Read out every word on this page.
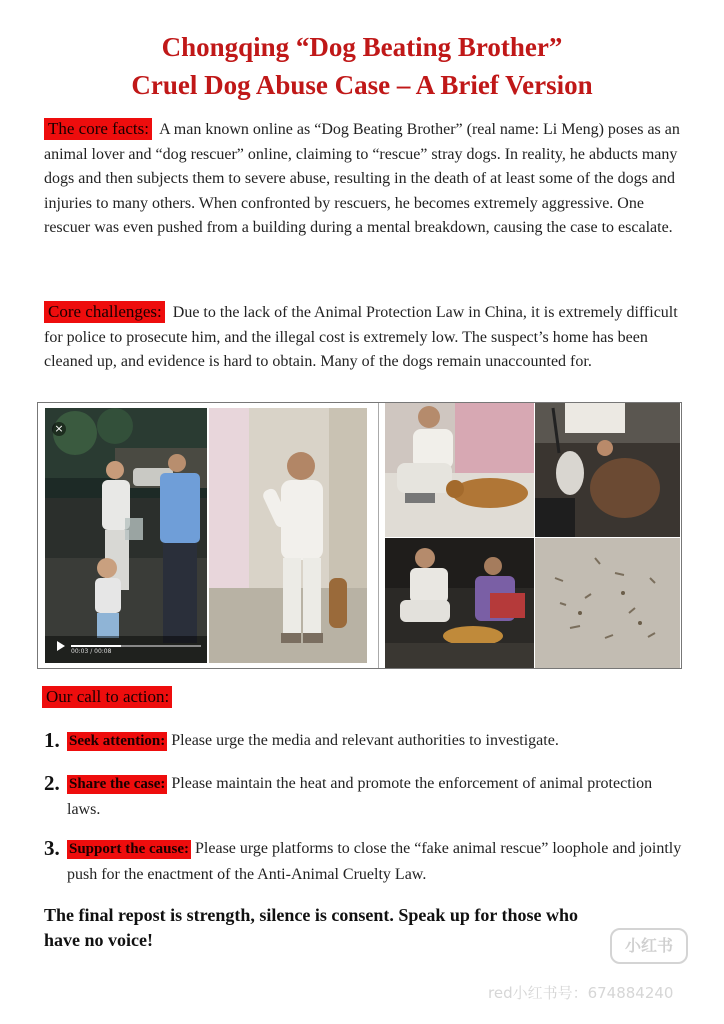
Chongqing “Dog Beating Brother”
Cruel Dog Abuse Case – A Brief Version
The core facts: A man known online as “Dog Beating Brother” (real name: Li Meng) poses as an animal lover and “dog rescuer” online, claiming to “rescue” stray dogs. In reality, he abducts many dogs and then subjects them to severe abuse, resulting in the death of at least some of the dogs and injuries to many others. When confronted by rescuers, he becomes extremely aggressive. One rescuer was even pushed from a building during a mental breakdown, causing the case to escalate.
Core challenges: Due to the lack of the Animal Protection Law in China, it is extremely difficult for police to prosecute him, and the illegal cost is extremely low. The suspect’s home has been cleaned up, and evidence is hard to obtain. Many of the dogs remain unaccounted for.
×
00:03 / 00:08
Our call to action:
1. Seek attention: Please urge the media and relevant authorities to investigate.
2. Share the case: Please maintain the heat and promote the enforcement of animal protection laws.
3. Support the cause: Please urge platforms to close the “fake animal rescue” loophole and jointly push for the enactment of the Anti-Animal Cruelty Law.
The final repost is strength, silence is consent. Speak up for those who have no voice!	小红书
red小红书号：674884240
